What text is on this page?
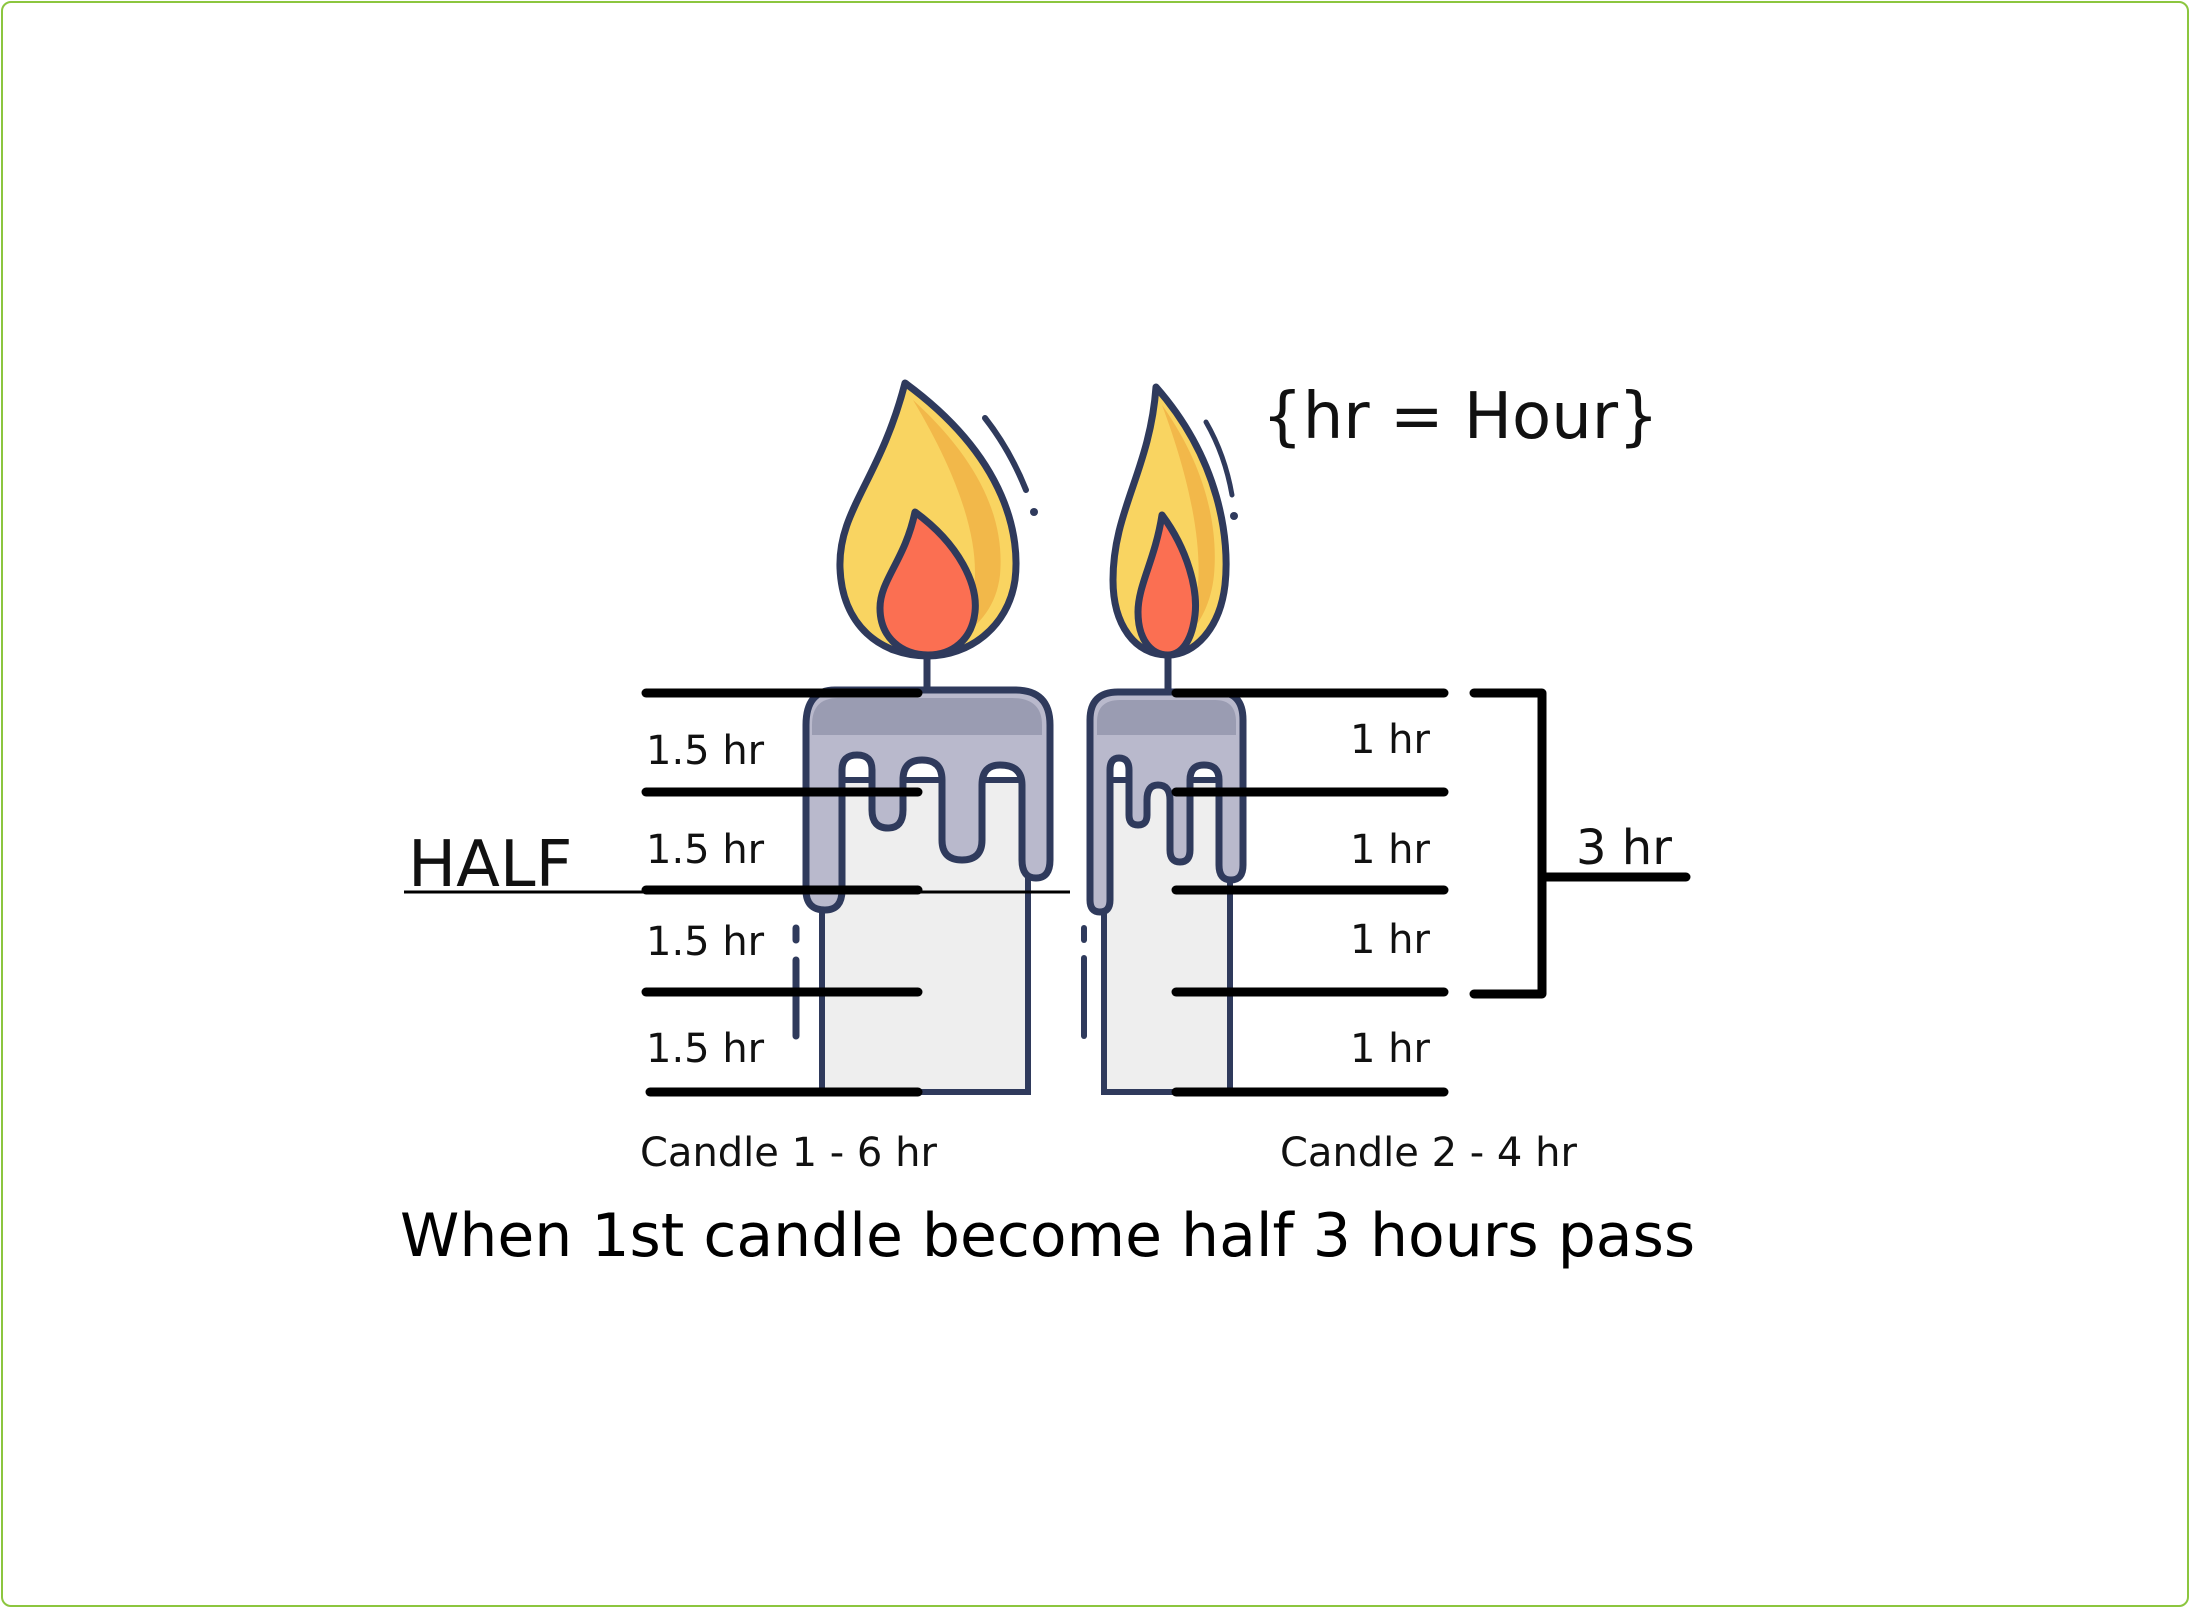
{hr = Hour}
HALF
1.5 hr
1.5 hr
1.5 hr
1.5 hr
1 hr
1 hr
1 hr
1 hr
3 hr
Candle 1 - 6 hr	Candle 2 - 4 hr
When 1st candle become half 3 hours pass
